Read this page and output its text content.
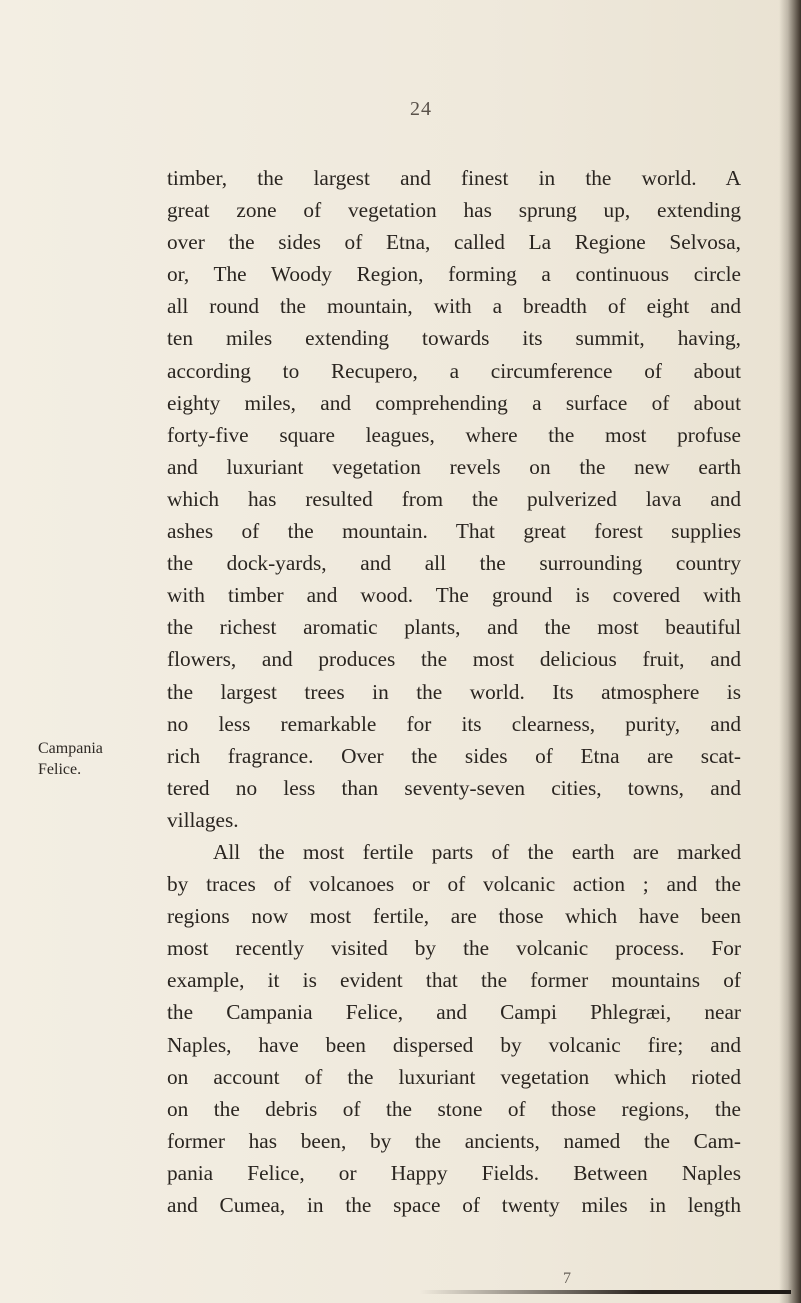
24
Campania
Felice.
timber, the largest and finest in the world. A
great zone of vegetation has sprung up, extending
over the sides of Etna, called La Regione Selvosa,
or, The Woody Region, forming a continuous circle
all round the mountain, with a breadth of eight and
ten miles extending towards its summit, having,
according to Recupero, a circumference of about
eighty miles, and comprehending a surface of about
forty-five square leagues, where the most profuse
and luxuriant vegetation revels on the new earth
which has resulted from the pulverized lava and
ashes of the mountain. That great forest supplies
the dock-yards, and all the surrounding country
with timber and wood. The ground is covered with
the richest aromatic plants, and the most beautiful
flowers, and produces the most delicious fruit, and
the largest trees in the world. Its atmosphere is
no less remarkable for its clearness, purity, and
rich fragrance. Over the sides of Etna are scat-
tered no less than seventy-seven cities, towns, and
villages.
All the most fertile parts of the earth are marked
by traces of volcanoes or of volcanic action ; and the
regions now most fertile, are those which have been
most recently visited by the volcanic process. For
example, it is evident that the former mountains of
the Campania Felice, and Campi Phlegræi, near
Naples, have been dispersed by volcanic fire; and
on account of the luxuriant vegetation which rioted
on the debris of the stone of those regions, the
former has been, by the ancients, named the Cam-
pania Felice, or Happy Fields. Between Naples
and Cumea, in the space of twenty miles in length
7
